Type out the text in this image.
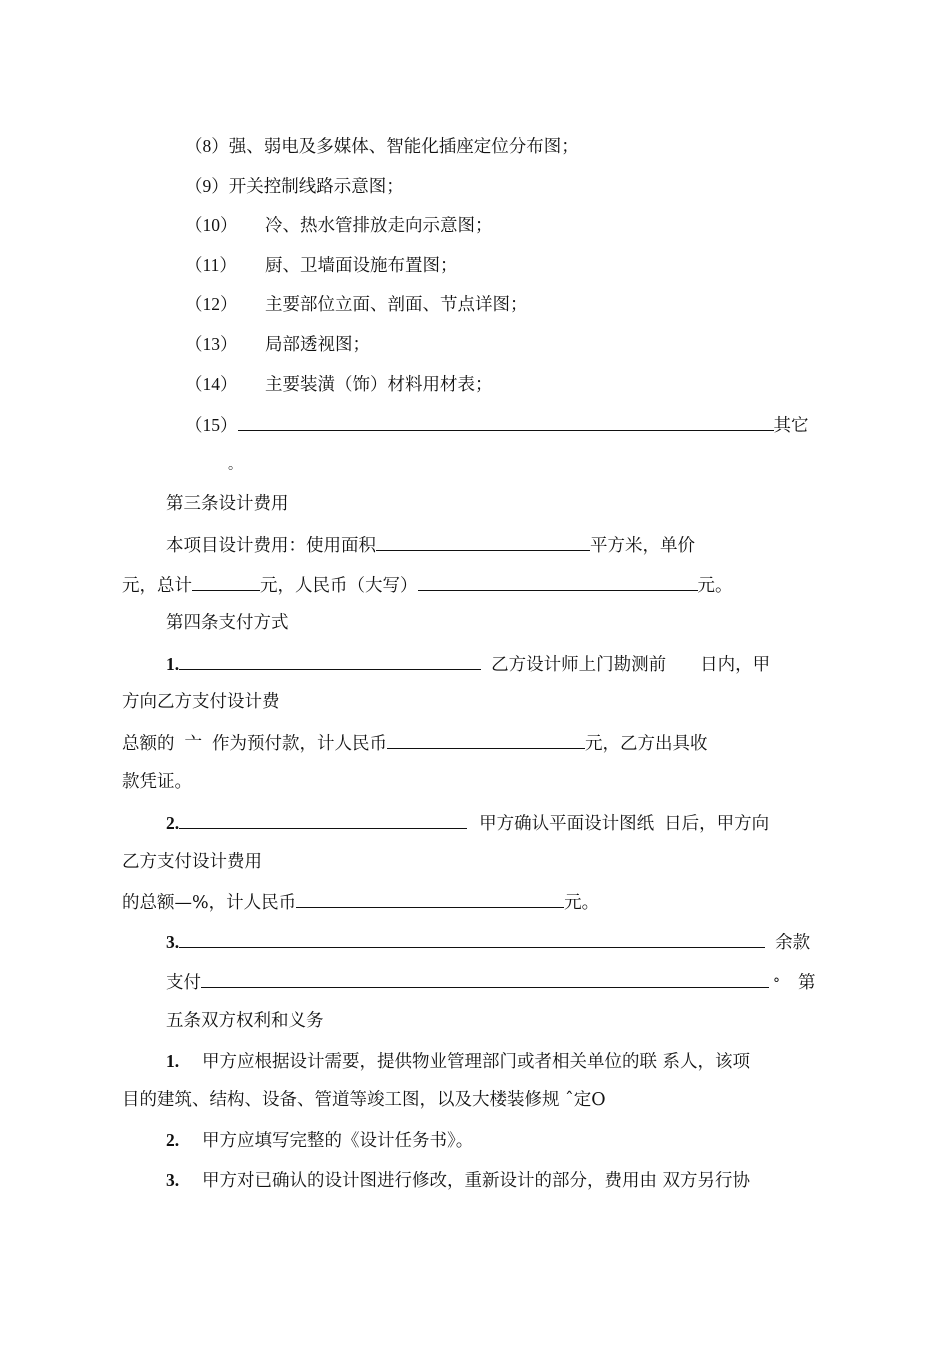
（8）强、弱电及多媒体、智能化插座定位分布图；
（9）开关控制线路示意图；
（10） 冷、热水管排放走向示意图；
（11） 厨、卫墙面设施布置图；
（12） 主要部位立面、剖面、节点详图；
（13） 局部透视图；
（14） 主要装潢（饰）材料用材表；
（15）	其它
。
第三条设计费用
本项目设计费用：使用面积	平方米，单价
元，总计	元，人民币（大写）	元。
第四条支付方式
1.	乙方设计师上门勘测前 日内，甲
方向乙方支付设计费
总额的 亠 作为预付款，计人民币	元，乙方出具收
款凭证。
2.	甲方确认平面设计图纸 日后，甲方向
乙方支付设计费用
的总额—%，计人民币	元。
3.	余款
支付	° 第
五条双方权利和义务
1. 甲方应根据设计需要，提供物业管理部门或者相关单位的联 系人，该项
目的建筑、结构、设备、管道等竣工图，以及大楼装修规 ˆ定O
2. 甲方应填写完整的《设计任务书》。
3. 甲方对已确认的设计图进行修改，重新设计的部分，费用由 双方另行协
